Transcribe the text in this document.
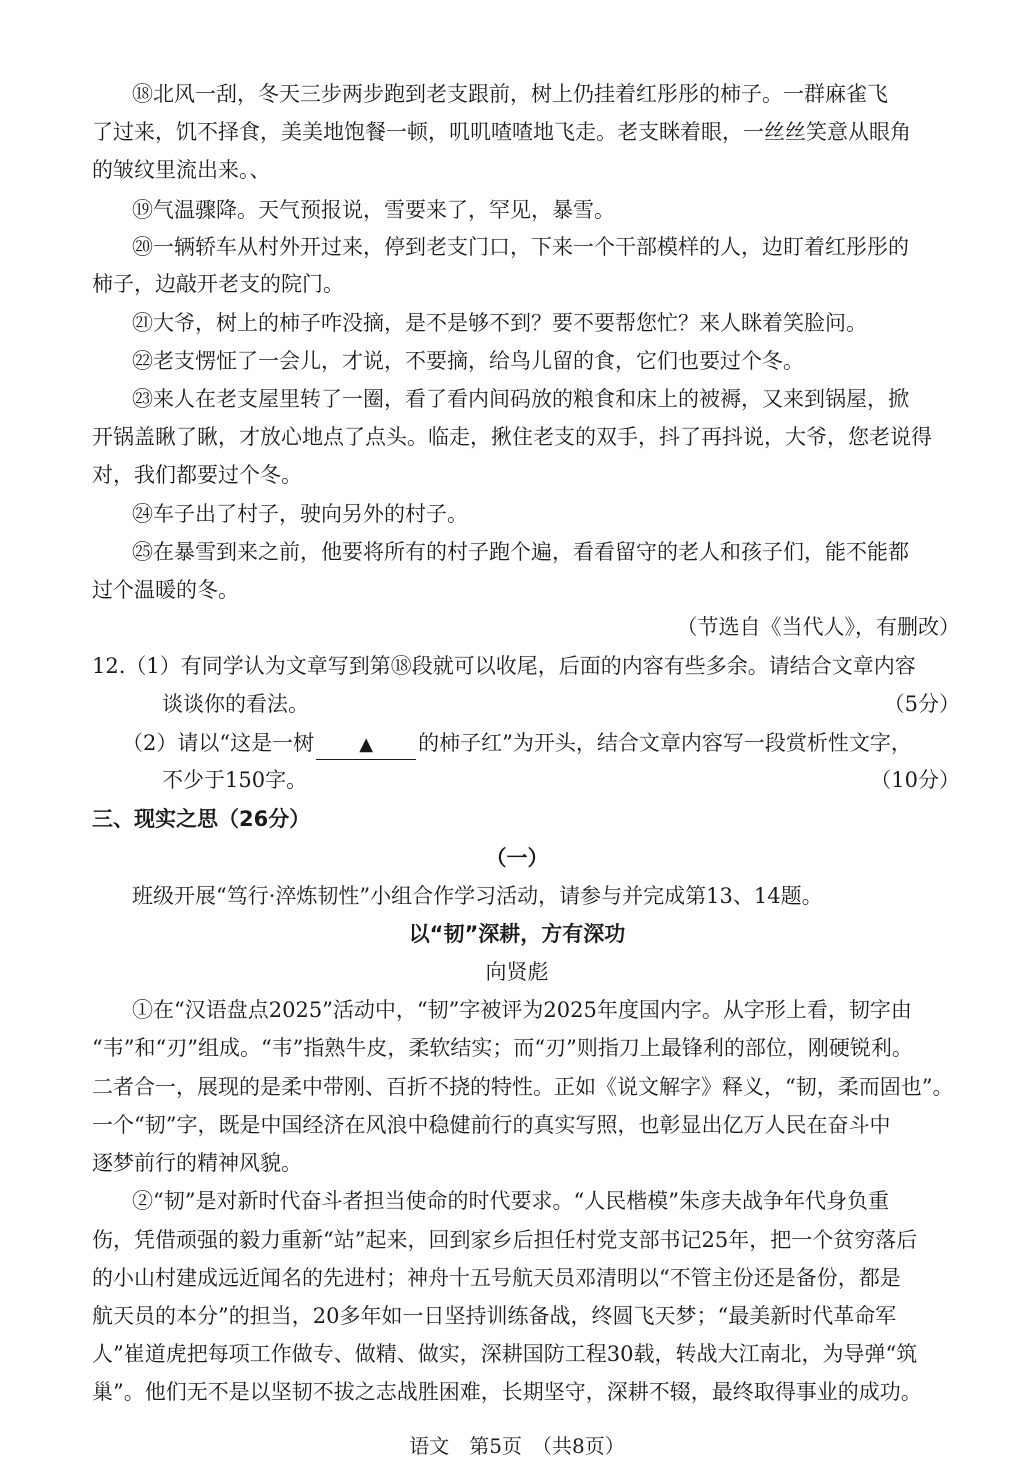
⑱北风一刮，冬天三步两步跑到老支跟前，树上仍挂着红彤彤的柿子。一群麻雀飞
了过来，饥不择食，美美地饱餐一顿，叽叽喳喳地飞走。老支眯着眼，一丝丝笑意从眼角
的皱纹里流出来。、
⑲气温骤降。天气预报说，雪要来了，罕见，暴雪。
⑳一辆轿车从村外开过来，停到老支门口，下来一个干部模样的人，边盯着红彤彤的
柿子，边敲开老支的院门。
㉑大爷，树上的柿子咋没摘，是不是够不到？要不要帮您忙？来人眯着笑脸问。
㉒老支愣怔了一会儿，才说，不要摘，给鸟儿留的食，它们也要过个冬。
㉓来人在老支屋里转了一圈，看了看内间码放的粮食和床上的被褥，又来到锅屋，掀
开锅盖瞅了瞅，才放心地点了点头。临走，揪住老支的双手，抖了再抖说，大爷，您老说得
对，我们都要过个冬。
㉔车子出了村子，驶向另外的村子。
㉕在暴雪到来之前，他要将所有的村子跑个遍，看看留守的老人和孩子们，能不能都
过个温暖的冬。
（节选自《当代人》，有删改）
12.（1）有同学认为文章写到第⑱段就可以收尾，后面的内容有些多余。请结合文章内容
谈谈你的看法。	（5分）
（2）请以“这是一树	▲ 的柿子红”为开头，结合文章内容写一段赏析性文字，
不少于150字。	（10分）
三、现实之思（26分）
（一）
班级开展“笃行·淬炼韧性”小组合作学习活动，请参与并完成第13、14题。
以“韧”深耕，方有深功
向贤彪
①在“汉语盘点2025”活动中，“韧”字被评为2025年度国内字。从字形上看，韧字由
“韦”和“刃”组成。“韦”指熟牛皮，柔软结实；而“刃”则指刀上最锋利的部位，刚硬锐利。
二者合一，展现的是柔中带刚、百折不挠的特性。正如《说文解字》释义，“韧，柔而固也”。
一个“韧”字，既是中国经济在风浪中稳健前行的真实写照，也彰显出亿万人民在奋斗中
逐梦前行的精神风貌。
②“韧”是对新时代奋斗者担当使命的时代要求。“人民楷模”朱彦夫战争年代身负重
伤，凭借顽强的毅力重新“站”起来，回到家乡后担任村党支部书记25年，把一个贫穷落后
的小山村建成远近闻名的先进村；神舟十五号航天员邓清明以“不管主份还是备份，都是
航天员的本分”的担当，20多年如一日坚持训练备战，终圆飞天梦；“最美新时代革命军
人”崔道虎把每项工作做专、做精、做实，深耕国防工程30载，转战大江南北，为导弹“筑
巢”。他们无不是以坚韧不拔之志战胜困难，长期坚守，深耕不辍，最终取得事业的成功。
语文　第5页　（共8页）
